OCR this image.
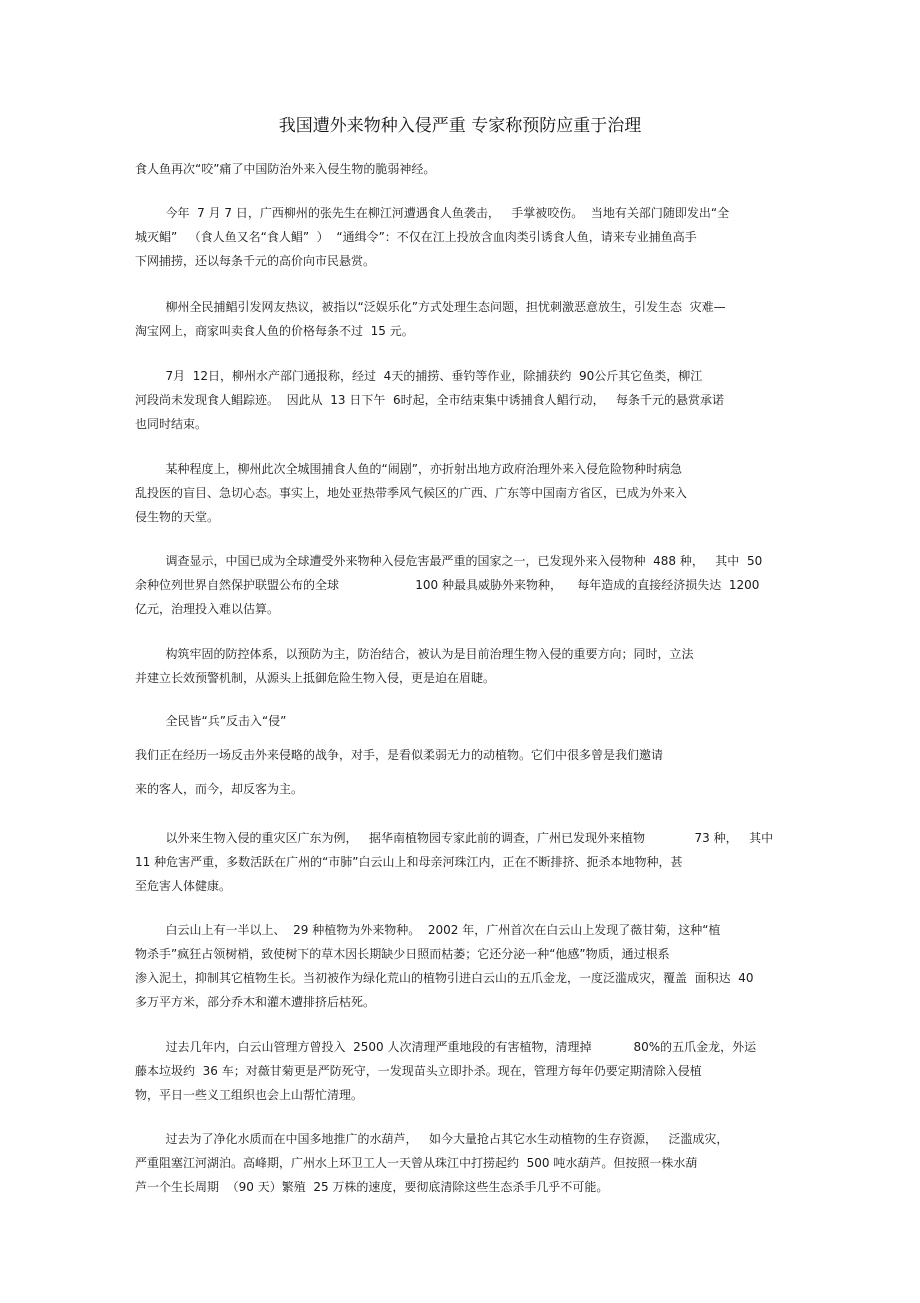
我国遭外来物种入侵严重 专家称预防应重于治理
食人鱼再次“咬”痛了中国防治外来入侵生物的脆弱神经。
今年  7 月 7 日，广西柳州的张先生在柳江河遭遇食人鱼袭击，   手掌被咬伤。  当地有关部门随即发出“全
城灭鲳”   （食人鱼又名“食人鲳”  ）  “通缉令”：不仅在江上投放含血肉类引诱食人鱼，请来专业捕鱼高手
下网捕捞，还以每条千元的高价向市民悬赏。
柳州全民捕鲳引发网友热议，被指以“泛娱乐化”方式处理生态问题，担忧刺激恶意放生，引发生态  灾难—
淘宝网上，商家叫卖食人鱼的价格每条不过  15 元。
7月  12日，柳州水产部门通报称，经过  4天的捕捞、垂钓等作业，除捕获约  90公斤其它鱼类，柳江
河段尚未发现食人鲳踪迹。  因此从  13 日下午  6时起，全市结束集中诱捕食人鲳行动，   每条千元的悬赏承诺
也同时结束。
某种程度上，柳州此次全城围捕食人鱼的“闹剧”，亦折射出地方政府治理外来入侵危险物种时病急
乱投医的盲目、急切心态。事实上，地处亚热带季风气候区的广西、广东等中国南方省区，已成为外来入
侵生物的天堂。
调查显示，中国已成为全球遭受外来物种入侵危害最严重的国家之一，已发现外来入侵物种  488 种，   其中  50
余种位列世界自然保护联盟公布的全球                    100 种最具威胁外来物种，    每年造成的直接经济损失达  1200
亿元，治理投入难以估算。
构筑牢固的防控体系，以预防为主，防治结合，被认为是目前治理生物入侵的重要方向；同时，立法
并建立长效预警机制，从源头上抵御危险生物入侵，更是迫在眉睫。
全民皆“兵”反击入“侵”
我们正在经历一场反击外来侵略的战争，对手，是看似柔弱无力的动植物。它们中很多曾是我们邀请
来的客人，而今，却反客为主。
以外来生物入侵的重灾区广东为例，   据华南植物园专家此前的调查，广州已发现外来植物             73 种，   其中
11 种危害严重，多数活跃在广州的“市肺”白云山上和母亲河珠江内，正在不断排挤、扼杀本地物种，甚
至危害人体健康。
白云山上有一半以上、  29 种植物为外来物种。  2002 年，广州首次在白云山上发现了薇甘菊，这种“植
物杀手”疯狂占领树梢，致使树下的草木因长期缺少日照而枯萎；它还分泌一种“他感”物质，通过根系
渗入泥土，抑制其它植物生长。当初被作为绿化荒山的植物引进白云山的五爪金龙，一度泛滥成灾，覆盖  面积达  40
多万平方米，部分乔木和灌木遭排挤后枯死。
过去几年内，白云山管理方曾投入  2500 人次清理严重地段的有害植物，清理掉           80%的五爪金龙，外运
藤本垃圾约  36 车；对薇甘菊更是严防死守，一发现苗头立即扑杀。现在，管理方每年仍要定期清除入侵植
物，平日一些义工组织也会上山帮忙清理。
过去为了净化水质而在中国多地推广的水葫芦，   如今大量抢占其它水生动植物的生存资源，   泛滥成灾，
严重阻塞江河湖泊。高峰期，广州水上环卫工人一天曾从珠江中打捞起约  500 吨水葫芦。但按照一株水葫
芦一个生长周期  （90 天）繁殖  25 万株的速度，要彻底清除这些生态杀手几乎不可能。
